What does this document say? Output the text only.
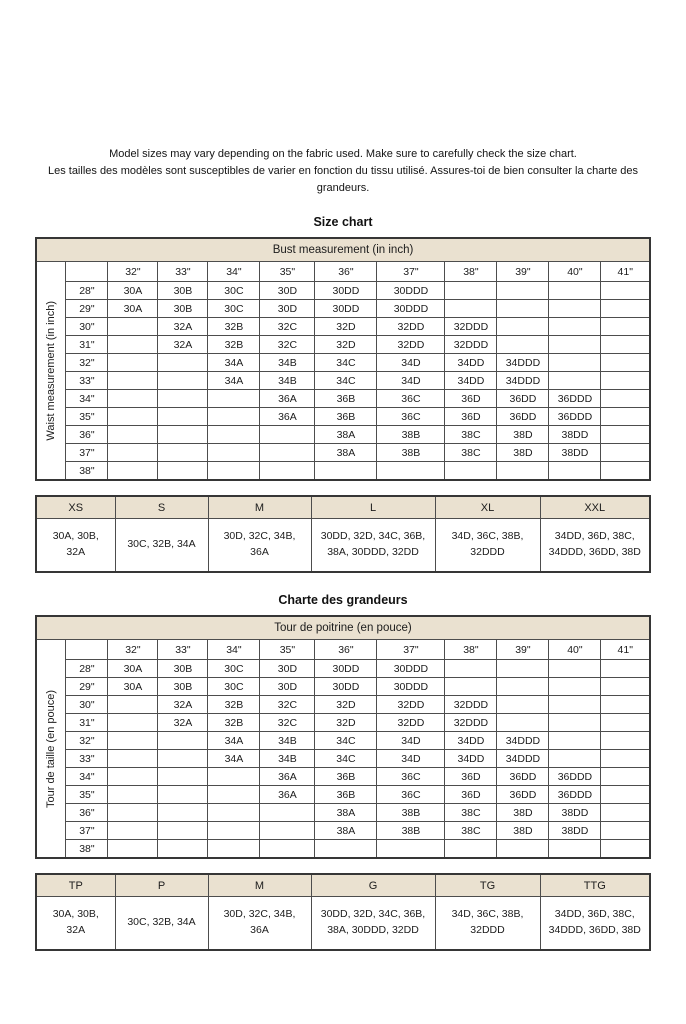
Model sizes may vary depending on the fabric used. Make sure to carefully check the size chart.
Les tailles des modèles sont susceptibles de varier en fonction du tissu utilisé. Assures-toi de bien consulter la charte des grandeurs.
Size chart
Bust measurement (in inch)											

Waist measurement (in inch)		32"	33"	34"	35"	36"	37"	38"	39"	40"	41"
	28"	30A	30B	30C	30D	30DD	30DDD				
	29"	30A	30B	30C	30D	30DD	30DDD				
	30"		32A	32B	32C	32D	32DD	32DDD			
	31"		32A	32B	32C	32D	32DD	32DDD			
	32"			34A	34B	34C	34D	34DD	34DDD		
	33"			34A	34B	34C	34D	34DD	34DDD		
	34"				36A	36B	36C	36D	36DD	36DDD	
	35"				36A	36B	36C	36D	36DD	36DDD	
	36"					38A	38B	38C	38D	38DD	
	37"					38A	38B	38C	38D	38DD	
	38"										
XS	S	M	L	XL	XXL
30A, 30B, 32A	30C, 32B, 34A	30D, 32C, 34B, 36A	30DD, 32D, 34C, 36B, 38A, 30DDD, 32DD	34D, 36C, 38B, 32DDD	34DD, 36D, 38C, 34DDD, 36DD, 38D
Charte des grandeurs
Tour de poitrine (en pouce)											

Tour de taille (en pouce)		32"	33"	34"	35"	36"	37"	38"	39"	40"	41"
	28"	30A	30B	30C	30D	30DD	30DDD				
	29"	30A	30B	30C	30D	30DD	30DDD				
	30"		32A	32B	32C	32D	32DD	32DDD			
	31"		32A	32B	32C	32D	32DD	32DDD			
	32"			34A	34B	34C	34D	34DD	34DDD		
	33"			34A	34B	34C	34D	34DD	34DDD		
	34"				36A	36B	36C	36D	36DD	36DDD	
	35"				36A	36B	36C	36D	36DD	36DDD	
	36"					38A	38B	38C	38D	38DD	
	37"					38A	38B	38C	38D	38DD	
	38"										
TP	P	M	G	TG	TTG
30A, 30B, 32A	30C, 32B, 34A	30D, 32C, 34B, 36A	30DD, 32D, 34C, 36B, 38A, 30DDD, 32DD	34D, 36C, 38B, 32DDD	34DD, 36D, 38C, 34DDD, 36DD, 38D
